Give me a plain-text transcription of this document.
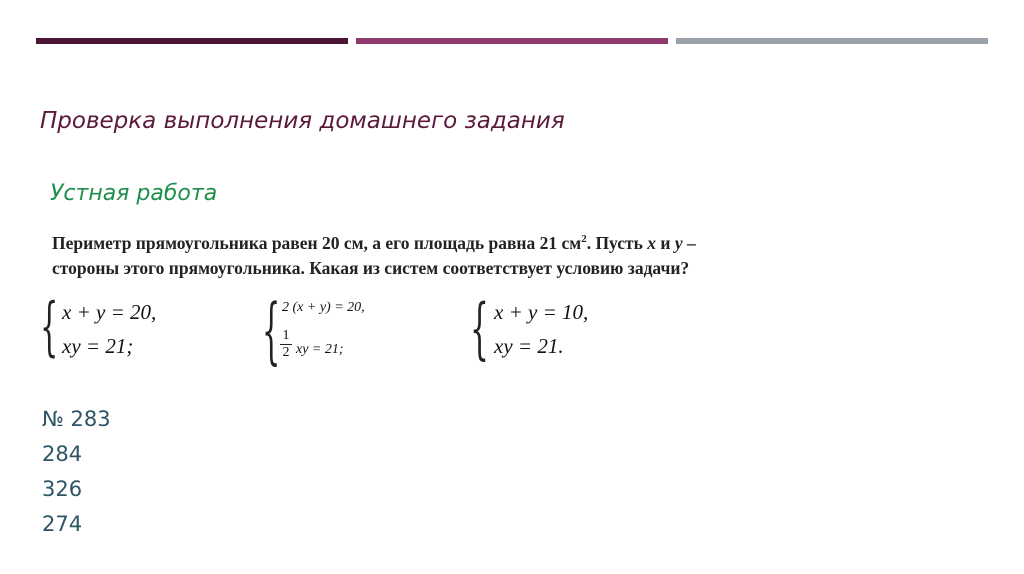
Проверка выполнения домашнего задания
Устная работа
Периметр прямоугольника равен 20 см, а его площадь равна 21 $см^2$. Пусть x и y –
стороны этого прямоугольника. Какая из систем соответствует условию задачи?
{ x + y = 20,
xy = 21; { 2 (x + y) = 20,
$\frac{1}{2}$ xy = 21; { x + y = 10,
xy = 21.
№ 283
284
326
274
